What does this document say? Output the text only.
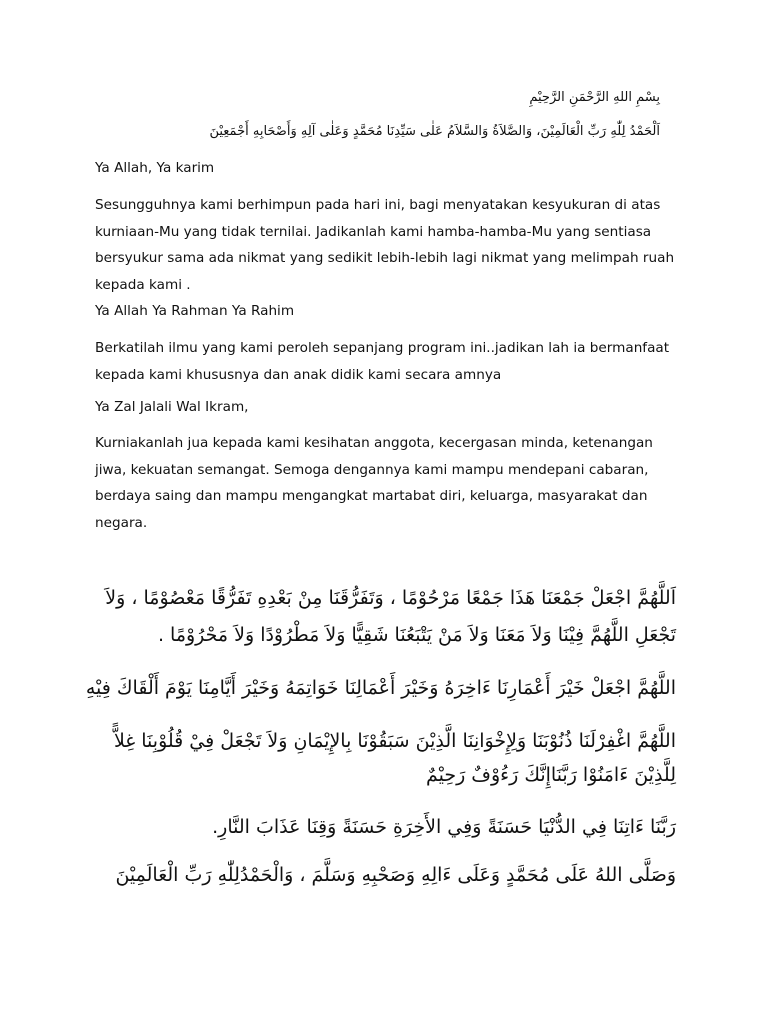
بِسْمِ اللهِ الرَّحْمَنِ الرَّحِيْمِ
اَلْحَمْدُ لِلّٰهِ رَبِّ الْعَالَمِيْنَ، وَالصَّلاَةُ وَالسَّلاَمُ عَلٰى سَيِّدِنَا مُحَمَّدٍ وَعَلٰى آلِهِ وَأَصْحَابِهِ أَجْمَعِيْنَ

Ya Allah, Ya karim

Sesungguhnya kami berhimpun pada hari ini, bagi menyatakan kesyukuran di atas kurniaan-Mu yang tidak ternilai. Jadikanlah kami hamba-hamba-Mu yang sentiasa bersyukur sama ada nikmat yang sedikit lebih-lebih lagi nikmat yang melimpah ruah kepada kami .

Ya Allah Ya Rahman Ya Rahim

Berkatilah ilmu yang kami peroleh sepanjang program ini..jadikan lah ia bermanfaat kepada kami khususnya dan anak didik kami secara amnya

Ya Zal Jalali Wal Ikram,

Kurniakanlah jua kepada kami kesihatan anggota, kecergasan minda, ketenangan jiwa, kekuatan semangat. Semoga dengannya kami mampu mendepani cabaran, berdaya saing dan mampu mengangkat martabat diri, keluarga, masyarakat dan negara.

اَللَّهُمَّ اجْعَلْ جَمْعَنَا هَذَا جَمْعًا مَرْحُوْمًا ، وَتَفَرُّقَنَا مِنْ بَعْدِهِ تَفَرُّقًا مَعْصُوْمًا ، وَلاَ
تَجْعَلِ اللَّهُمَّ فِيْنَا وَلاَ مَعَنَا وَلاَ مَنْ يَتْبَعُنَا شَقِيًّا وَلاَ مَطْرُوْدًا وَلاَ مَحْرُوْمًا .
اللَّهُمَّ اجْعَلْ خَيْرَ أَعْمَارِنَا ءَاخِرَهُ وَخَيْرَ أَعْمَالِنَا خَوَاتِمَهُ وَخَيْرَ أَيَّامِنَا يَوْمَ أَلْقَاكَ فِيْهِ
اللَّهُمَّ اغْفِرْلَنَا ذُنُوْبَنَا وَلِإِخْوَانِنَا الَّذِيْنَ سَبَقُوْنَا بِالإِيْمَانِ وَلاَ تَجْعَلْ فِيْ قُلُوْبِنَا غِلاًّ
لِلَّذِيْنَ ءَامَنُوْا رَبَّنَاإِنَّكَ رَءُوْفٌ رَحِيْمٌ
رَبَّنَا ءَاتِنَا فِي الدُّنْيَا حَسَنَةً وَفِي الأَخِرَةِ حَسَنَةً وَقِنَا عَذَابَ النَّارِ.
وَصَلَّى اللهُ عَلَى مُحَمَّدٍ وَعَلَى ءَالِهِ وَصَحْبِهِ وَسَلَّمَ ، وَالْحَمْدُلِلّٰهِ رَبِّ الْعَالَمِيْنَ
